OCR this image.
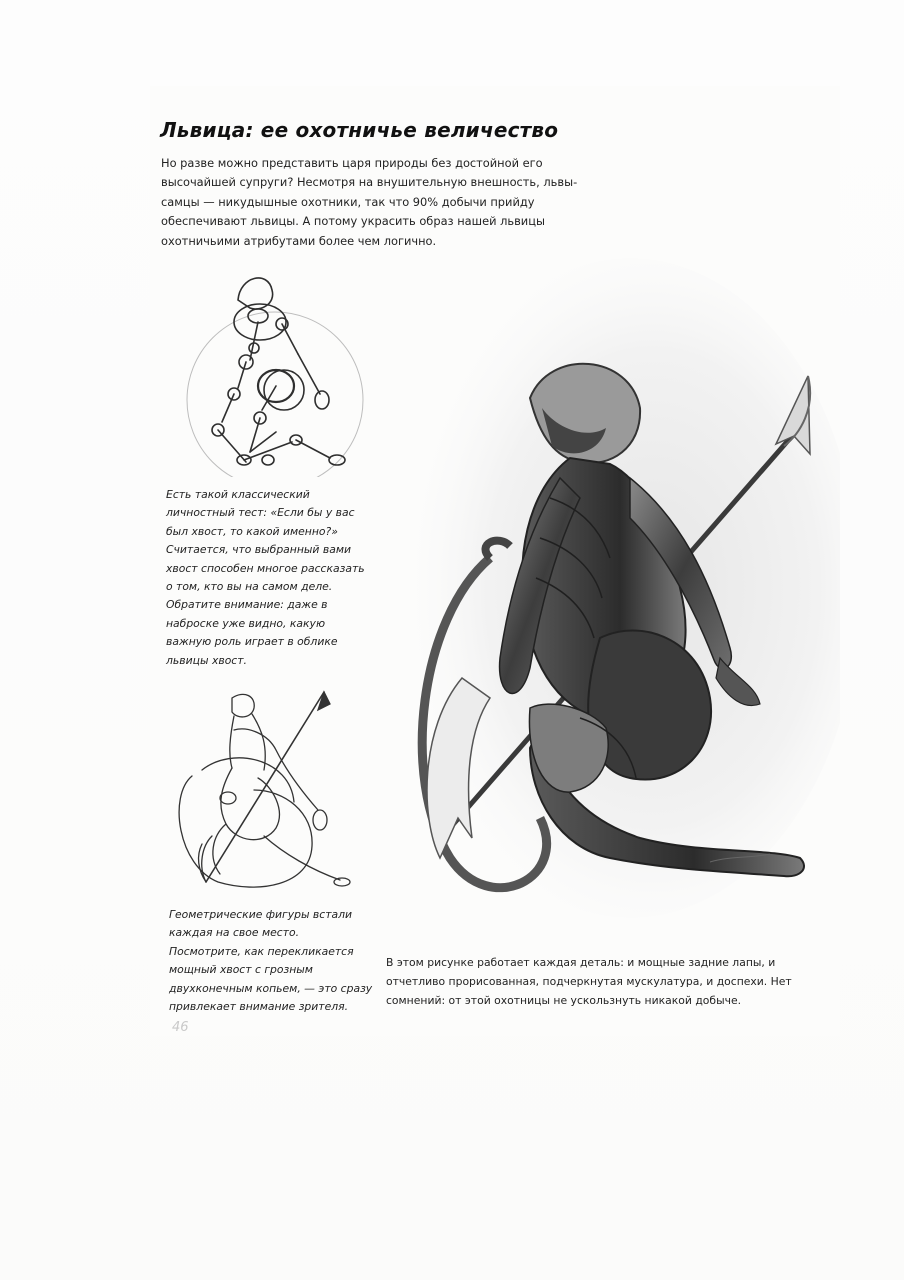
Львица: ее охотничье величество

Но разве можно представить царя природы без достойной его высочайшей супруги? Несмотря на внушительную внешность, львы-самцы — никудышные охотники, так что 90% добычи прийду обеспечивают львицы. А потому украсить образ нашей львицы охотничьими атрибутами более чем логично.

Есть такой классический личностный тест: «Если бы у вас был хвост, то какой именно?» Считается, что выбранный вами хвост способен многое рассказать о том, кто вы на самом деле. Обратите внимание: даже в наброске уже видно, какую важную роль играет в облике львицы хвост.

Геометрические фигуры встали каждая на свое место. Посмотрите, как перекликается мощный хвост с грозным двухконечным копьем, — это сразу привлекает внимание зрителя.

В этом рисунке работает каждая деталь: и мощные задние лапы, и отчетливо прорисованная, подчеркнутая мускулатура, и доспехи. Нет сомнений: от этой охотницы не ускользнуть никакой добыче.

46
